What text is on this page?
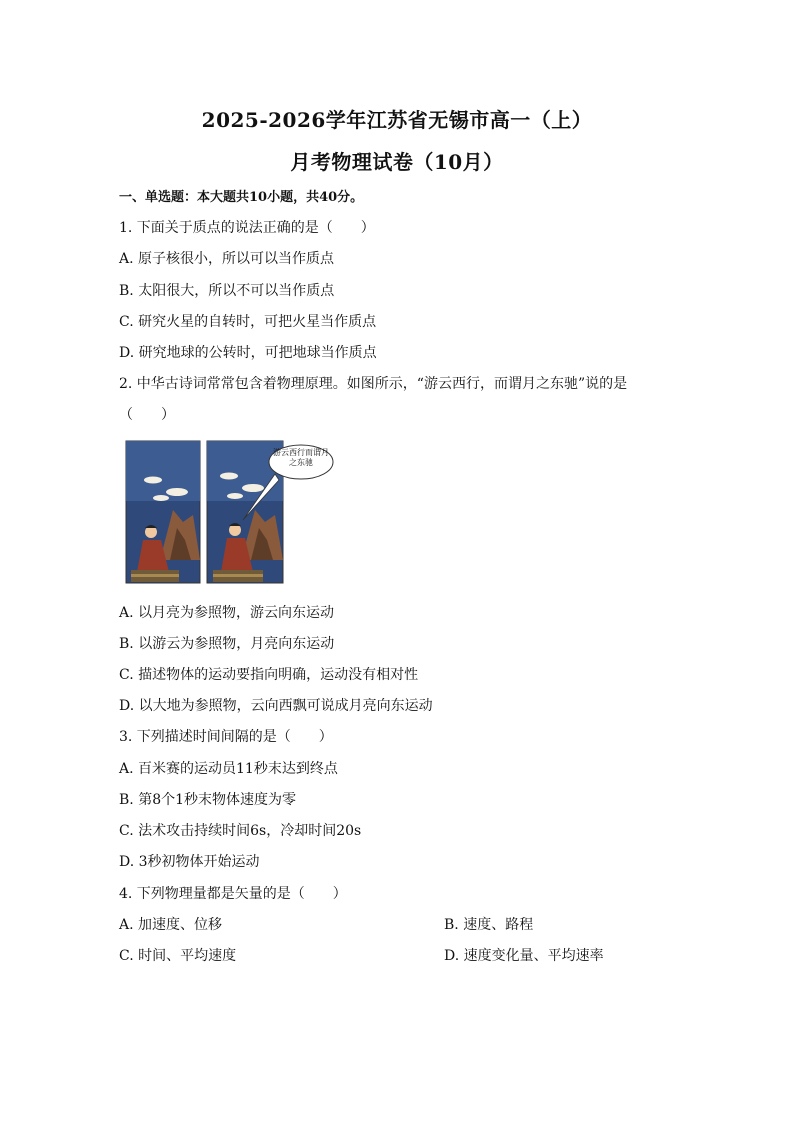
2025-2026学年江苏省无锡市高一（上）
月考物理试卷（10月）
一、单选题：本大题共10小题，共40分。
1. 下面关于质点的说法正确的是（　　）
A. 原子核很小，所以可以当作质点
B. 太阳很大，所以不可以当作质点
C. 研究火星的自转时，可把火星当作质点
D. 研究地球的公转时，可把地球当作质点
2. 中华古诗词常常包含着物理原理。如图所示，“游云西行，而谓月之东驰”说的是
（　　）
游云西行而谓月之东驰
A. 以月亮为参照物，游云向东运动
B. 以游云为参照物，月亮向东运动
C. 描述物体的运动要指向明确，运动没有相对性
D. 以大地为参照物，云向西飘可说成月亮向东运动
3. 下列描述时间间隔的是（　　）
A. 百米赛的运动员11秒末达到终点
B. 第8个1秒末物体速度为零
C. 法术攻击持续时间6s，冷却时间20s
D. 3秒初物体开始运动
4. 下列物理量都是矢量的是（　　）
A. 加速度、位移	B. 速度、路程
C. 时间、平均速度	D. 速度变化量、平均速率
